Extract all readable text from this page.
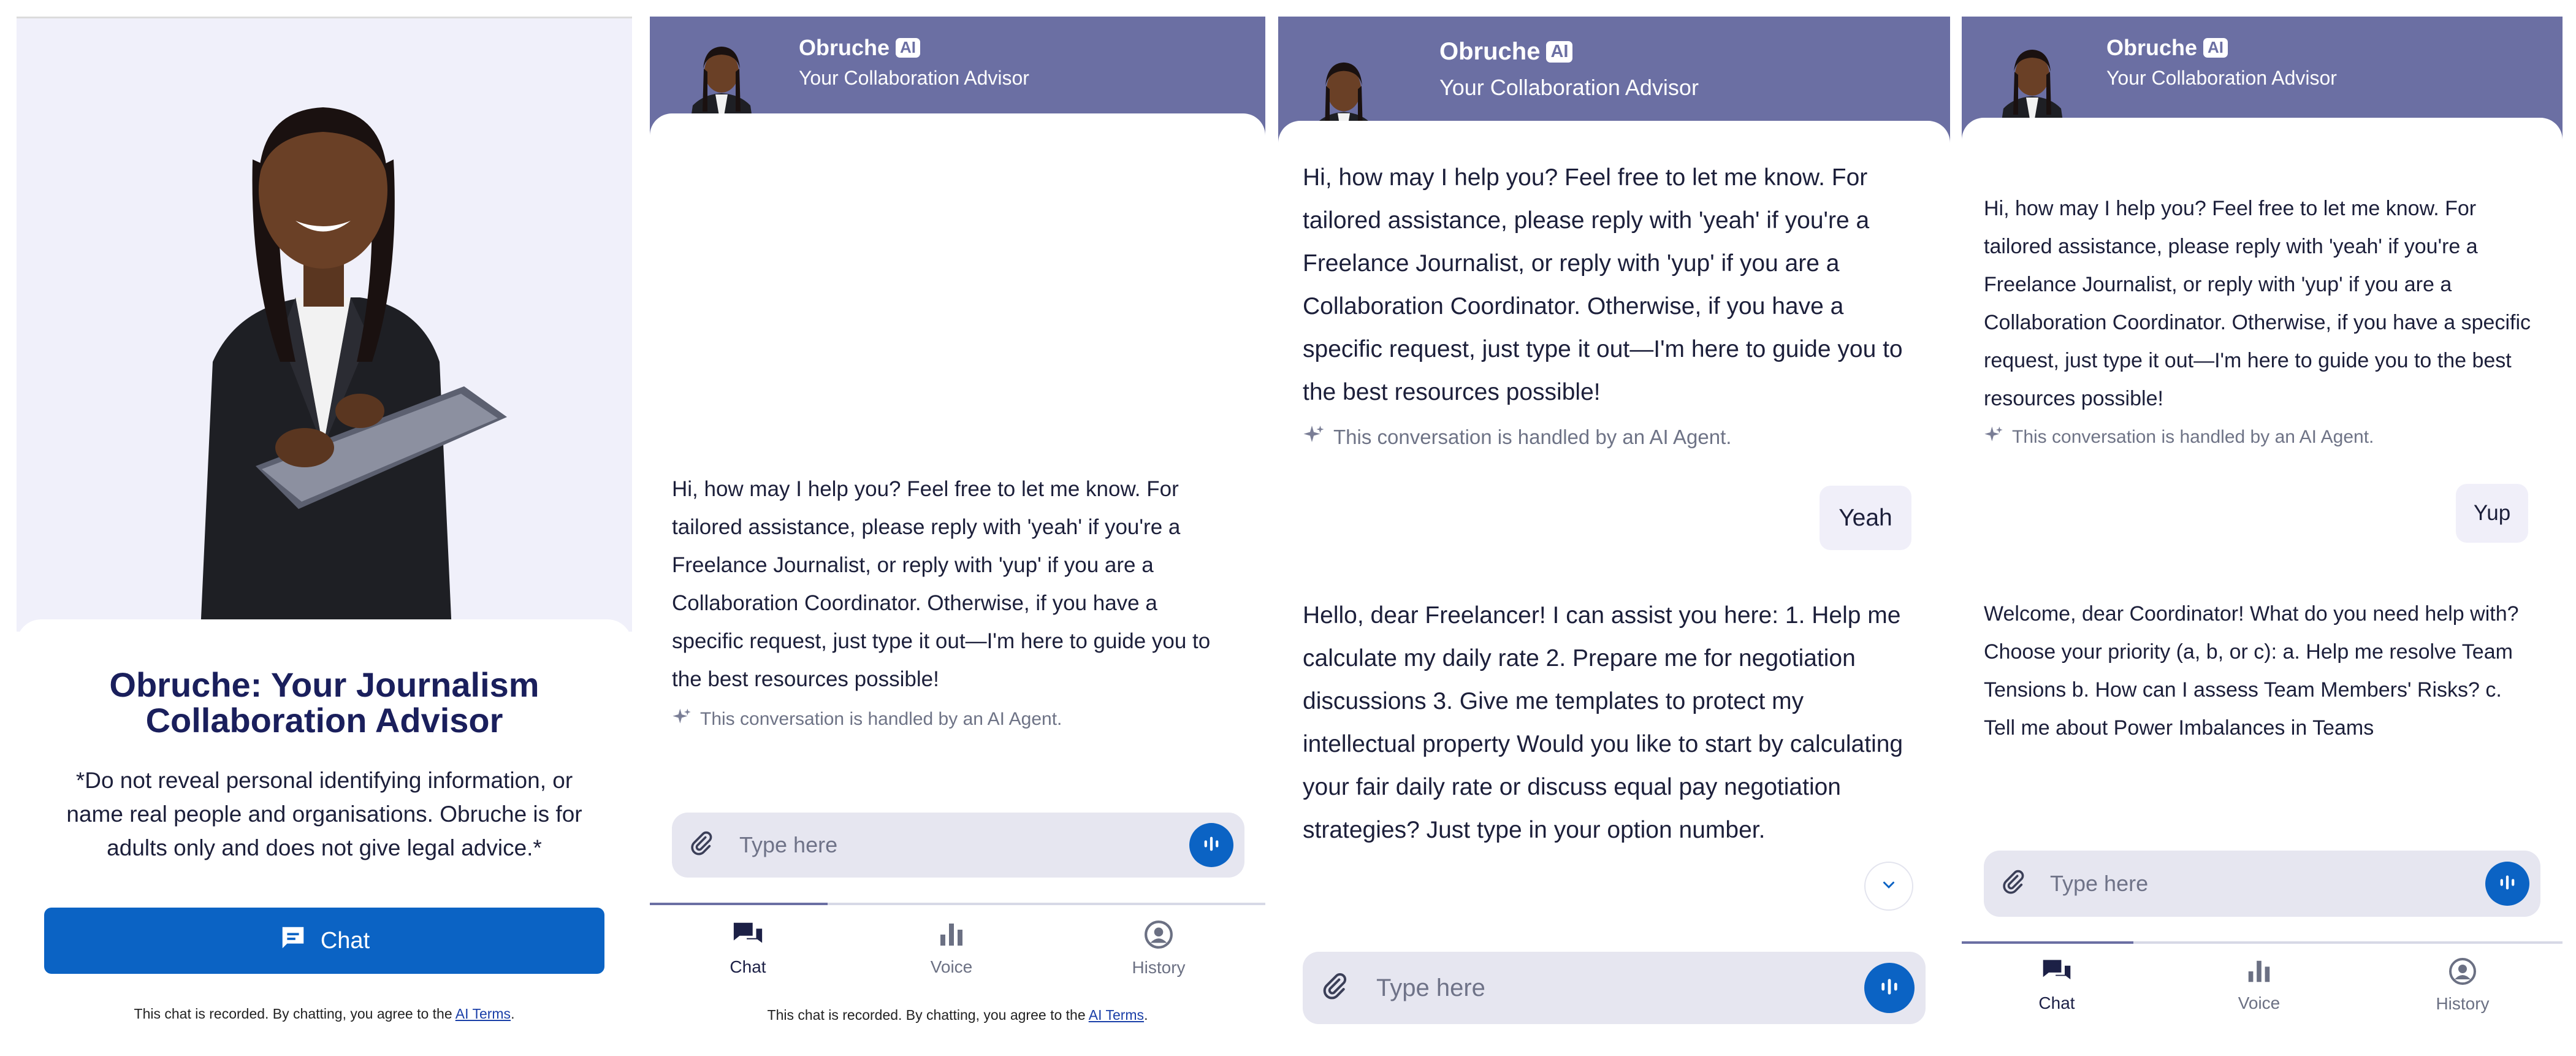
Obruche: Your Journalism Collaboration Advisor
*Do not reveal personal identifying information, or name real people and organisations. Obruche is for adults only and does not give legal advice.*
Chat
This chat is recorded. By chatting, you agree to the AI Terms.
Obruche AI
Your Collaboration Advisor
Hi, how may I help you? Feel free to let me know. For tailored assistance, please reply with 'yeah' if you're a Freelance Journalist, or reply with 'yup' if you are a Collaboration Coordinator. Otherwise, if you have a specific request, just type it out—I'm here to guide you to the best resources possible!
This conversation is handled by an AI Agent.
Type here
Chat	Voice	History
This chat is recorded. By chatting, you agree to the AI Terms.
Obruche AI
Your Collaboration Advisor
Hi, how may I help you? Feel free to let me know. For tailored assistance, please reply with 'yeah' if you're a Freelance Journalist, or reply with 'yup' if you are a Collaboration Coordinator. Otherwise, if you have a specific request, just type it out—I'm here to guide you to the best resources possible!
This conversation is handled by an AI Agent.
Yeah
Hello, dear Freelancer! I can assist you here: 1. Help me calculate my daily rate 2. Prepare me for negotiation discussions 3. Give me templates to protect my intellectual property Would you like to start by calculating your fair daily rate or discuss equal pay negotiation strategies? Just type in your option number.
Type here
Obruche AI
Your Collaboration Advisor
Hi, how may I help you? Feel free to let me know. For tailored assistance, please reply with 'yeah' if you're a Freelance Journalist, or reply with 'yup' if you are a Collaboration Coordinator. Otherwise, if you have a specific request, just type it out—I'm here to guide you to the best resources possible!
This conversation is handled by an AI Agent.
Yup
Welcome, dear Coordinator! What do you need help with? Choose your priority (a, b, or c): a. Help me resolve Team Tensions b. How can I assess Team Members' Risks? c. Tell me about Power Imbalances in Teams
Type here
Chat	Voice	History
